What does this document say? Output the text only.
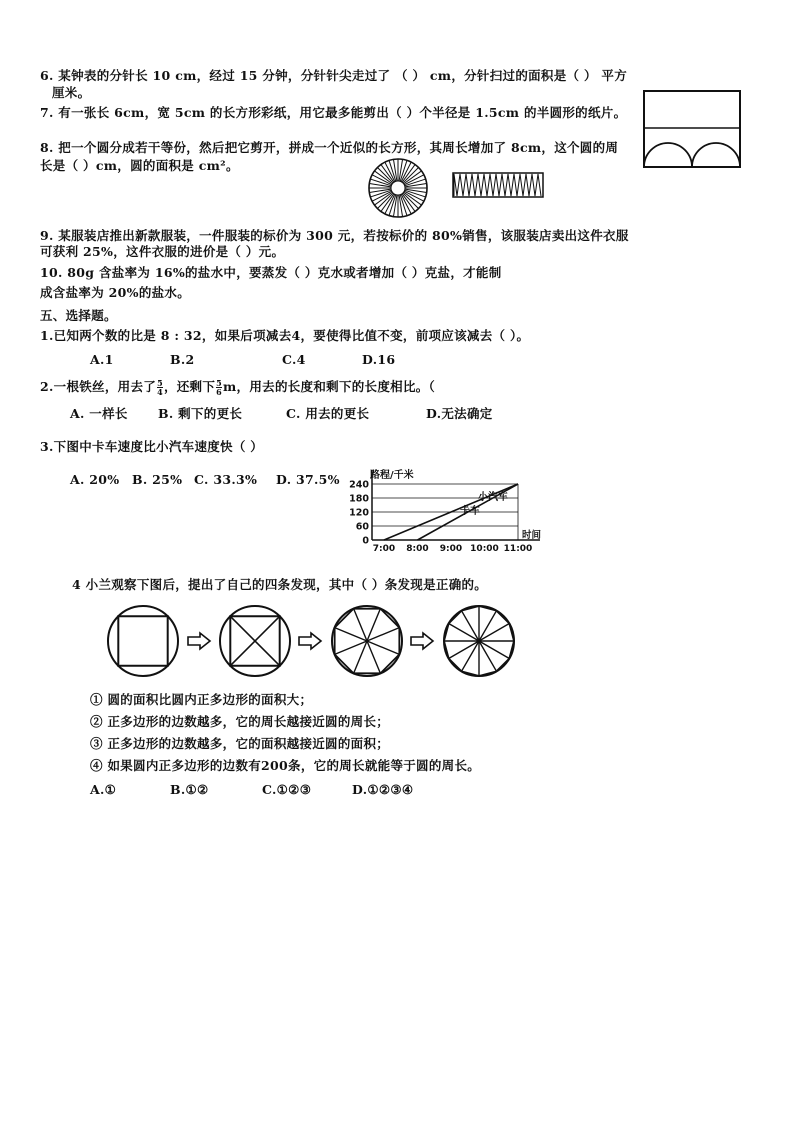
6. 某钟表的分针长 10 cm，经过 15 分钟，分针针尖走过了 （ ） cm，分针扫过的面积是（ ） 平方
厘米。
7. 有一张长 6cm，宽 5cm 的长方形彩纸，用它最多能剪出（ ）个半径是 1.5cm 的半圆形的纸片。
8. 把一个圆分成若干等份，然后把它剪开，拼成一个近似的长方形，其周长增加了 8cm，这个圆的周
长是（ ）cm，圆的面积是 cm²。
9. 某服装店推出新款服装，一件服装的标价为 300 元，若按标价的 80%销售，该服装店卖出这件衣服
可获利 25%，这件衣服的进价是（ ）元。
10. 80g 含盐率为 16%的盐水中，要蒸发（ ）克水或者增加（ ）克盐，才能制
成含盐率为 20%的盐水。
五、选择题。
1.已知两个数的比是 8 : 32，如果后项减去4，要使得比值不变，前项应该减去（ ）。
A.1	B.2	C.4	D.16
2.一根铁丝，用去了 $\frac{5}{4}$ ，还剩下 $\frac{5}{6}$ m，用去的长度和剩下的长度相比。（
A. 一样长 B. 剩下的更长	C. 用去的更长	D.无法确定
3.下图中卡车速度比小汽车速度快（ ）
A. 20% B. 25% C. 33.3% D. 37.5%
0
60
120
180
240
7:00 8:00 9:00 10:00 11:00
路程/千米
时间
卡车
小汽车
4 小兰观察下图后，提出了自己的四条发现，其中（ ）条发现是正确的。
① 圆的面积比圆内正多边形的面积大；
② 正多边形的边数越多，它的周长越接近圆的周长；
③ 正多边形的边数越多，它的面积越接近圆的面积；
④ 如果圆内正多边形的边数有200条，它的周长就能等于圆的周长。
A.①	B.①②	C.①②③	D.①②③④
